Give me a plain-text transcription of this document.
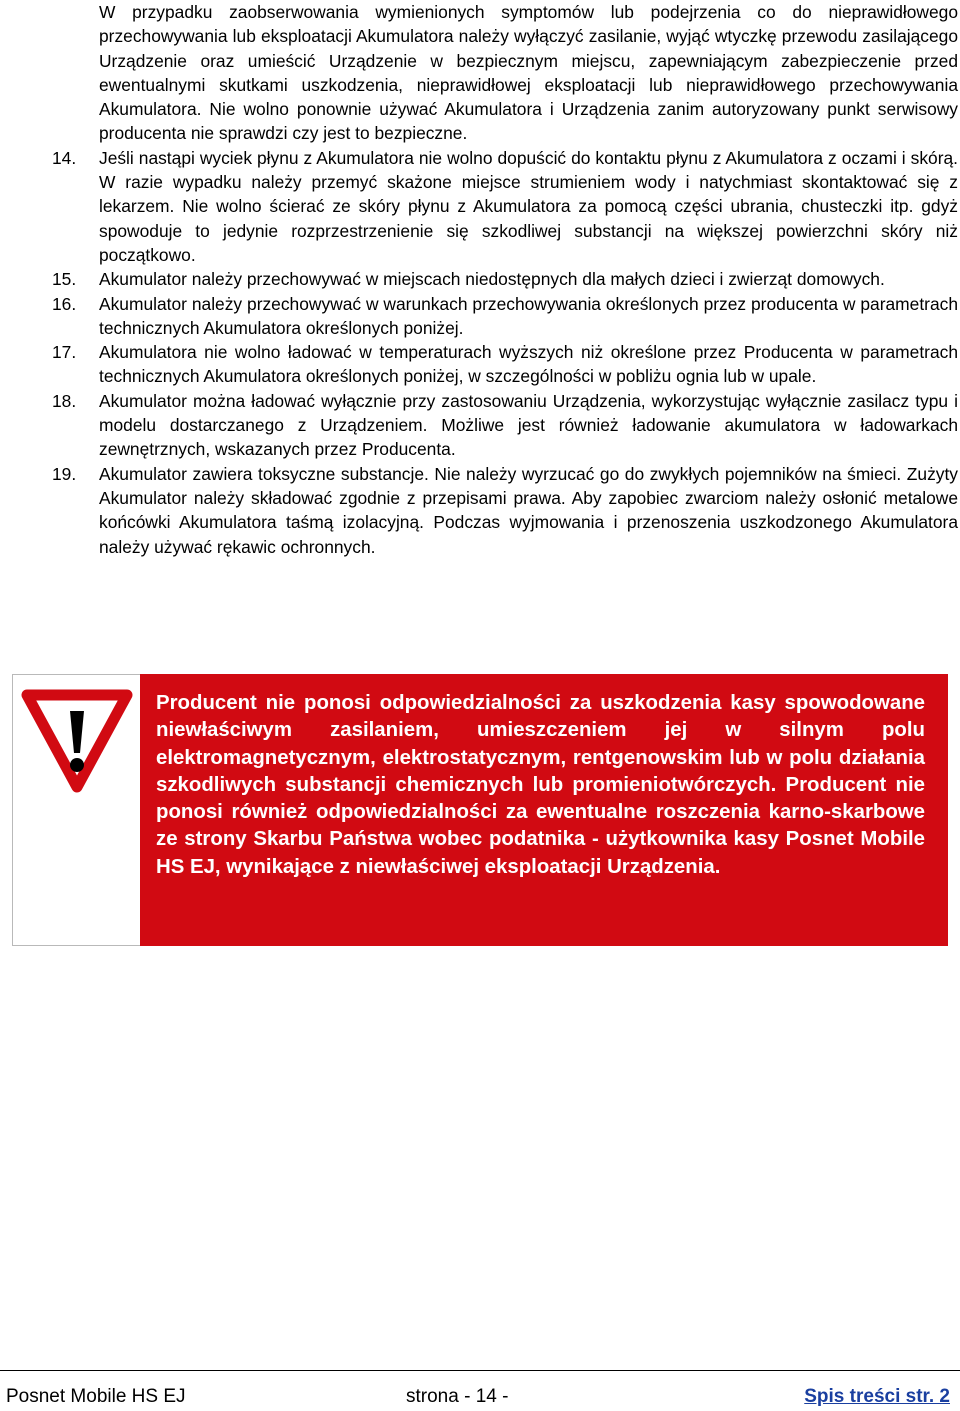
W przypadku zaobserwowania wymienionych symptomów lub podejrzenia co do nieprawidłowego przechowywania lub eksploatacji Akumulatora należy wyłączyć zasilanie, wyjąć wtyczkę przewodu zasilającego Urządzenie oraz umieścić Urządzenie w bezpiecznym miejscu, zapewniającym zabezpieczenie przed ewentualnymi skutkami uszkodzenia, nieprawidłowej eksploatacji lub nieprawidłowego przechowywania Akumulatora. Nie wolno ponownie używać Akumulatora i Urządzenia zanim autoryzowany punkt serwisowy producenta nie sprawdzi czy jest to bezpieczne.

14.	Jeśli nastąpi wyciek płynu z Akumulatora nie wolno dopuścić do kontaktu płynu z Akumulatora z oczami i skórą. W razie wypadku należy przemyć skażone miejsce strumieniem wody i natychmiast skontaktować się z lekarzem. Nie wolno ścierać ze skóry płynu z Akumulatora za pomocą części ubrania, chusteczki itp. gdyż spowoduje to jedynie rozprzestrzenienie się szkodliwej substancji na większej powierzchni skóry niż początkowo.

15.	Akumulator należy przechowywać w miejscach niedostępnych dla małych dzieci i zwierząt domowych.

16.	Akumulator należy przechowywać w warunkach przechowywania określonych przez producenta w parametrach technicznych Akumulatora określonych poniżej.

17.	Akumulatora nie wolno ładować w temperaturach wyższych niż określone przez Producenta w parametrach technicznych Akumulatora określonych poniżej, w szczególności w pobliżu ognia lub w upale.

18.	Akumulator można ładować wyłącznie przy zastosowaniu Urządzenia, wykorzystując wyłącznie zasilacz typu i modelu dostarczanego z Urządzeniem. Możliwe jest również ładowanie akumulatora w ładowarkach zewnętrznych, wskazanych przez Producenta.

19.	Akumulator zawiera toksyczne substancje. Nie należy wyrzucać go do zwykłych pojemników na śmieci. Zużyty Akumulator należy składować zgodnie z przepisami prawa. Aby zapobiec zwarciom należy osłonić metalowe końcówki Akumulatora taśmą izolacyjną. Podczas wyjmowania i przenoszenia uszkodzonego Akumulatora należy używać rękawic ochronnych.

Producent nie ponosi odpowiedzialności za uszkodzenia kasy spowodowane niewłaściwym zasilaniem, umieszczeniem jej w silnym polu elektromagnetycznym, elektrostatycznym, rentgenowskim lub w polu działania szkodliwych substancji chemicznych lub promieniotwórczych. Producent nie ponosi również odpowiedzialności za ewentualne roszczenia karno-skarbowe ze strony Skarbu Państwa wobec podatnika - użytkownika kasy Posnet Mobile HS EJ, wynikające z niewłaściwej eksploatacji Urządzenia.

Posnet Mobile HS EJ	strona - 14 -	Spis treści str. 2
